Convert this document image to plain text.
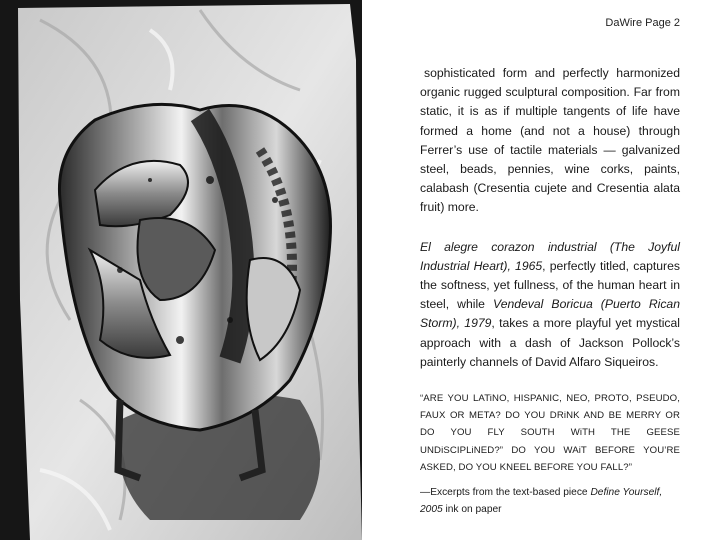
DaWire Page 2

sophisticated form and perfectly harmonized organic rugged sculptural composition. Far from static, it is as if multiple tangents of life have formed a home (and not a house) through Ferrer’s use of tactile materials — galvanized steel, beads, pennies, wine corks, paints, calabash (Cresentia cujete and Cresentia alata fruit) more.

El alegre corazon industrial (The Joyful Industrial Heart), 1965, perfectly titled, captures the softness, yet fullness, of the human heart in steel, while Vendeval Boricua (Puerto Rican Storm), 1979, takes a more playful yet mystical approach with a dash of Jackson Pollock’s painterly channels of David Alfaro Siqueiros.

“ARE YOU LATiNO, HISPANIC, NEO, PROTO, PSEUDO, FAUX OR META? DO YOU DRiNK AND BE MERRY OR DO YOU FLY SOUTH WiTH THE GEESE UNDiSCIPLiNED?” DO YOU WAiT BEFORE YOU’RE ASKED, DO YOU KNEEL BEFORE YOU FALL?”

—Excerpts from the text-based piece Define Yourself, 2005 ink on paper
